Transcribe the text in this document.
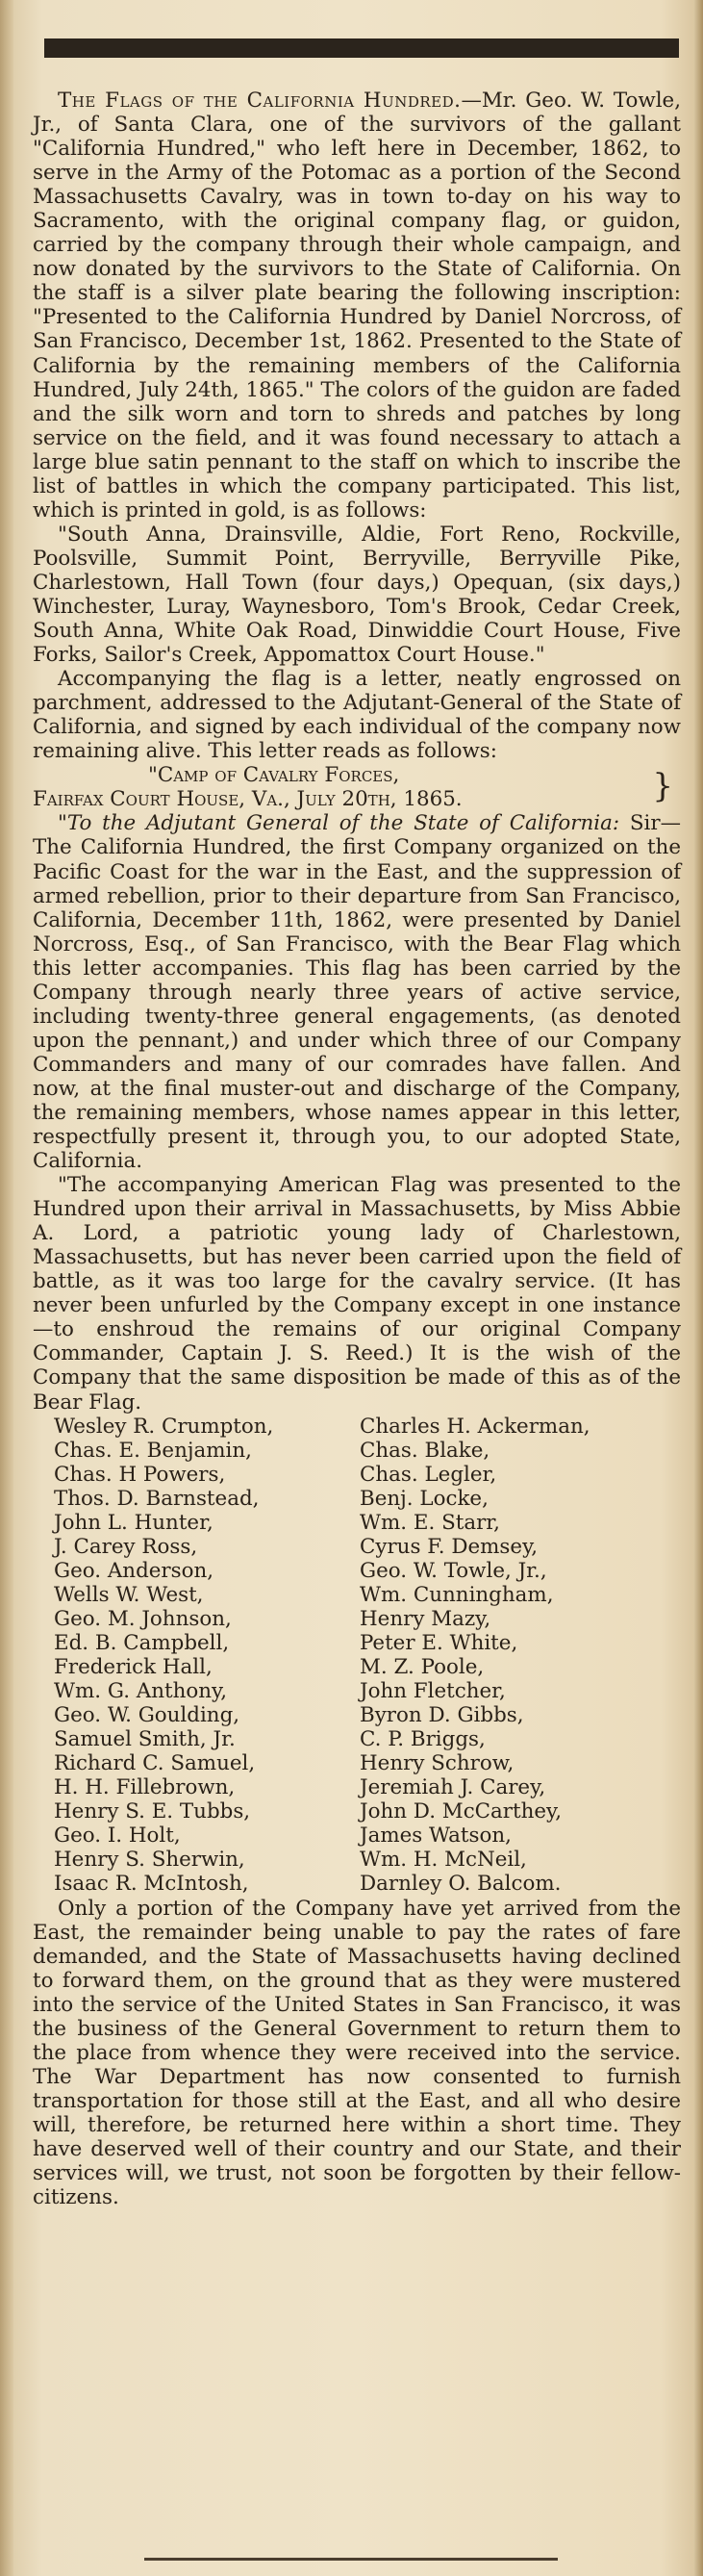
The Flags of the California Hundred.—Mr. Geo. W. Towle, Jr., of Santa Clara, one of the survivors of the gallant "California Hundred," who left here in December, 1862, to serve in the Army of the Potomac as a portion of the Second Massachusetts Cavalry, was in town to-day on his way to Sacramento, with the original company flag, or guidon, carried by the company through their whole campaign, and now donated by the survivors to the State of California. On the staff is a silver plate bearing the following inscription: "Presented to the California Hundred by Daniel Norcross, of San Francisco, December 1st, 1862. Presented to the State of California by the remaining members of the California Hundred, July 24th, 1865." The colors of the guidon are faded and the silk worn and torn to shreds and patches by long service on the field, and it was found necessary to attach a large blue satin pennant to the staff on which to inscribe the list of battles in which the company participated. This list, which is printed in gold, is as follows:

"South Anna, Drainsville, Aldie, Fort Reno, Rockville, Poolsville, Summit Point, Berryville, Berryville Pike, Charlestown, Hall Town (four days,) Opequan, (six days,) Winchester, Luray, Waynesboro, Tom's Brook, Cedar Creek, South Anna, White Oak Road, Dinwiddie Court House, Five Forks, Sailor's Creek, Appomattox Court House."

Accompanying the flag is a letter, neatly engrossed on parchment, addressed to the Adjutant-General of the State of California, and signed by each individual of the company now remaining alive. This letter reads as follows:

"Camp of Cavalry Forces,
Fairfax Court House, Va., July 20th, 1865.	}

"To the Adjutant General of the State of California: Sir—The California Hundred, the first Company organized on the Pacific Coast for the war in the East, and the suppression of armed rebellion, prior to their departure from San Francisco, California, December 11th, 1862, were presented by Daniel Norcross, Esq., of San Francisco, with the Bear Flag which this letter accompanies. This flag has been carried by the Company through nearly three years of active service, including twenty-three general engagements, (as denoted upon the pennant,) and under which three of our Company Commanders and many of our comrades have fallen. And now, at the final muster-out and discharge of the Company, the remaining members, whose names appear in this letter, respectfully present it, through you, to our adopted State, California.

"The accompanying American Flag was presented to the Hundred upon their arrival in Massachusetts, by Miss Abbie A. Lord, a patriotic young lady of Charlestown, Massachusetts, but has never been carried upon the field of battle, as it was too large for the cavalry service. (It has never been unfurled by the Company except in one instance—to enshroud the remains of our original Company Commander, Captain J. S. Reed.) It is the wish of the Company that the same disposition be made of this as of the Bear Flag.

Wesley R. Crumpton,	Charles H. Ackerman,
Chas. E. Benjamin,	Chas. Blake,
Chas. H Powers,	Chas. Legler,
Thos. D. Barnstead,	Benj. Locke,
John L. Hunter,	Wm. E. Starr,
J. Carey Ross,	Cyrus F. Demsey,
Geo. Anderson,	Geo. W. Towle, Jr.,
Wells W. West,	Wm. Cunningham,
Geo. M. Johnson,	Henry Mazy,
Ed. B. Campbell,	Peter E. White,
Frederick Hall,	M. Z. Poole,
Wm. G. Anthony,	John Fletcher,
Geo. W. Goulding,	Byron D. Gibbs,
Samuel Smith, Jr.	C. P. Briggs,
Richard C. Samuel,	Henry Schrow,
H. H. Fillebrown,	Jeremiah J. Carey,
Henry S. E. Tubbs,	John D. McCarthey,
Geo. I. Holt,	James Watson,
Henry S. Sherwin,	Wm. H. McNeil,
Isaac R. McIntosh,	Darnley O. Balcom.

Only a portion of the Company have yet arrived from the East, the remainder being unable to pay the rates of fare demanded, and the State of Massachusetts having declined to forward them, on the ground that as they were mustered into the service of the United States in San Francisco, it was the business of the General Government to return them to the place from whence they were received into the service. The War Department has now consented to furnish transportation for those still at the East, and all who desire will, therefore, be returned here within a short time. They have deserved well of their country and our State, and their services will, we trust, not soon be forgotten by their fellow-citizens.
